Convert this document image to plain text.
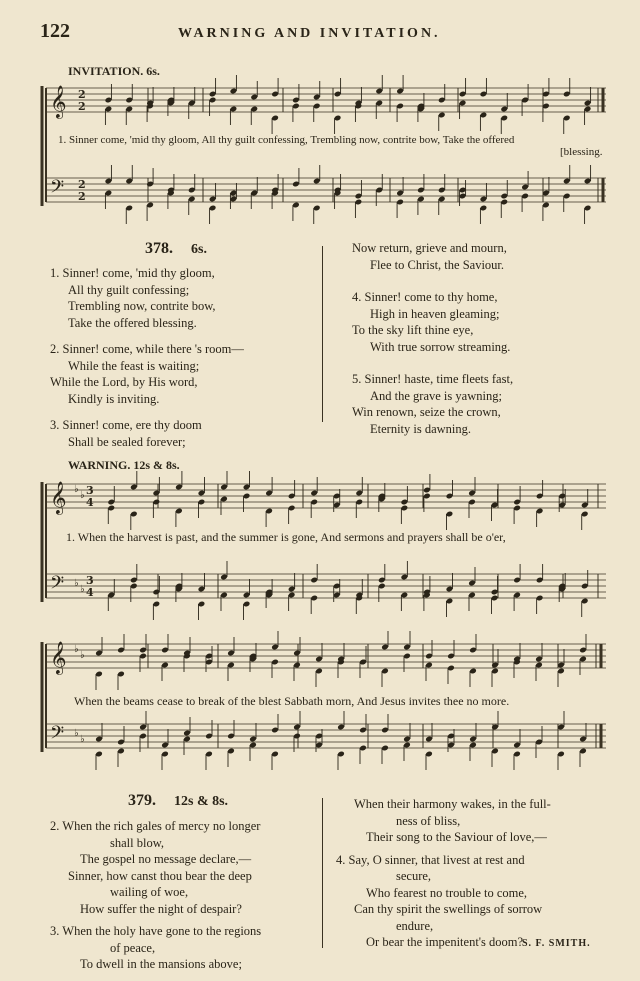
122	WARNING AND INVITATION.
INVITATION. 6s.
𝄞
𝄢
2
2
2
2
1. Sinner come, 'mid thy gloom, All thy guilt confessing, Trembling now, contrite bow, Take the offered
[blessing.
378. 6s.
1. Sinner! come, 'mid thy gloom,
All thy guilt confessing;
Trembling now, contrite bow,
Take the offered blessing.
2. Sinner! come, while there 's room—
While the feast is waiting;
While the Lord, by His word,
Kindly is inviting.
3. Sinner! come, ere thy doom
Shall be sealed forever;
Now return, grieve and mourn,
Flee to Christ, the Saviour.
4. Sinner! come to thy home,
High in heaven gleaming;
To the sky lift thine eye,
With true sorrow streaming.
5. Sinner! haste, time fleets fast,
And the grave is yawning;
Win renown, seize the crown,
Eternity is dawning.
WARNING. 12s & 8s.
𝄞
𝄢
♭
♭ 3
4
♭
♭
3
4
1. When the harvest is past, and the summer is gone, And sermons and prayers shall be o'er,
𝄞
𝄢
♭
♭
♭
♭
When the beams cease to break of the blest Sabbath morn, And Jesus invites thee no more.
379. 12s & 8s.
2. When the rich gales of mercy no longer
shall blow,
The gospel no message declare,—
Sinner, how canst thou bear the deep
wailing of woe,
How suffer the night of despair?
3. When the holy have gone to the regions
of peace,
To dwell in the mansions above;
When their harmony wakes, in the full-
ness of bliss,
Their song to the Saviour of love,—
4. Say, O sinner, that livest at rest and
secure,
Who fearest no trouble to come,
Can thy spirit the swellings of sorrow
endure,
Or bear the impenitent's doom?
S. F. SMITH.
